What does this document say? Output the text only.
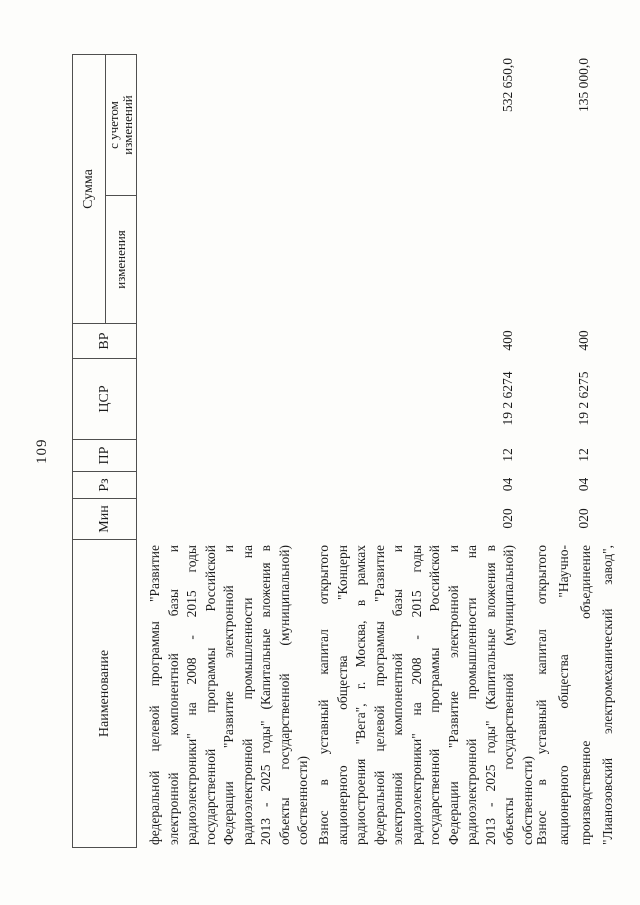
109
Наименование
Мин
Рз
ПР
ЦСР
ВР
Сумма
изменения
с учетом изменений
федеральной целевой программы "Развитие электронной компонентной базы и радиоэлектроники" на 2008 - 2015 годы государственной программы Российской Федерации "Развитие электронной и радиоэлектронной промышленности на 2013 - 2025 годы" (Капитальные вложения в объекты государственной (муниципальной) собственности) Взнос в уставный капитал открытого акционерного общества "Концерн радиостроения "Вега", г. Москва, в рамках федеральной целевой программы "Развитие электронной компонентной базы и радиоэлектроники" на 2008 - 2015 годы государственной программы Российской Федерации "Развитие электронной и радиоэлектронной промышленности на 2013 - 2025 годы" (Капитальные вложения в объекты государственной (муниципальной) собственности)
020
04
12
19 2 6274
400
532 650,0
Взнос в уставный капитал открытого акционерного общества "Научно- производственное объединение "Лианозовский электромеханический завод",
020
04
12
19 2 6275
400
135 000,0
